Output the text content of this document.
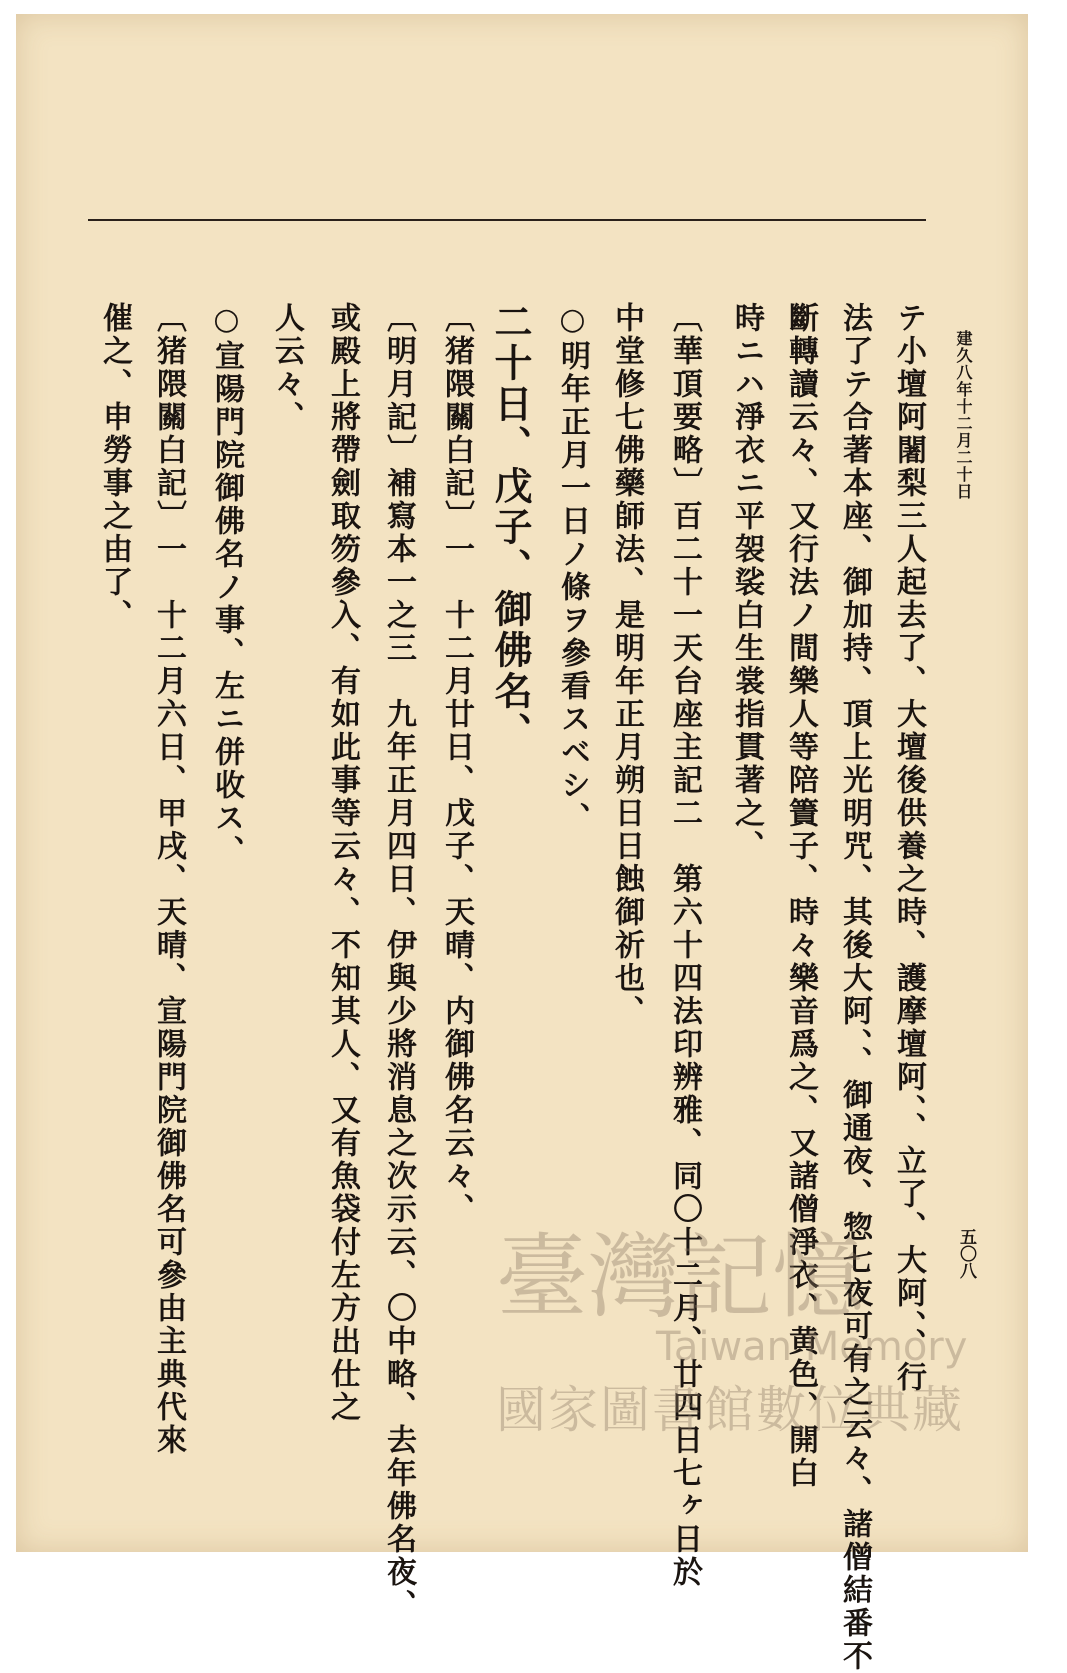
建久八年十二月二十日
五〇八
テ小壇阿闍梨三人起去了、大壇後供養之時、護摩壇阿、、立了、大阿、、行
法了テ合著本座、御加持、頂上光明咒、其後大阿、、御通夜、惣七夜可有之云々、諸僧結番不
斷轉讀云々、又行法ノ間樂人等陪簀子、時々樂音爲之、又諸僧淨衣、黄色、開白
時ニハ淨衣ニ平袈裟白生裳指貫著之、
〔華頂要略〕百二十一天台座主記二　第六十四法印辨雅、同〇十二月、廿四日七ヶ日於
中堂修七佛藥師法、是明年正月朔日日蝕御祈也、
○明年正月一日ノ條ヲ參看スベシ、
二十日、戊子、御佛名、
〔猪隈關白記〕一　十二月廿日、戊子、天晴、内御佛名云々、
〔明月記〕補寫本一之三　九年正月四日、伊與少將消息之次示云、〇中略、去年佛名夜、
或殿上將帶劍取笏參入、有如此事等云々、不知其人、又有魚袋付左方出仕之
人云々、
○宣陽門院御佛名ノ事、左ニ併收ス、
〔猪隈關白記〕一　十二月六日、甲戌、天晴、宣陽門院御佛名可參由主典代來
催之、申勞事之由了、
臺灣記憶
Taiwan Memory
國家圖書館數位典藏
